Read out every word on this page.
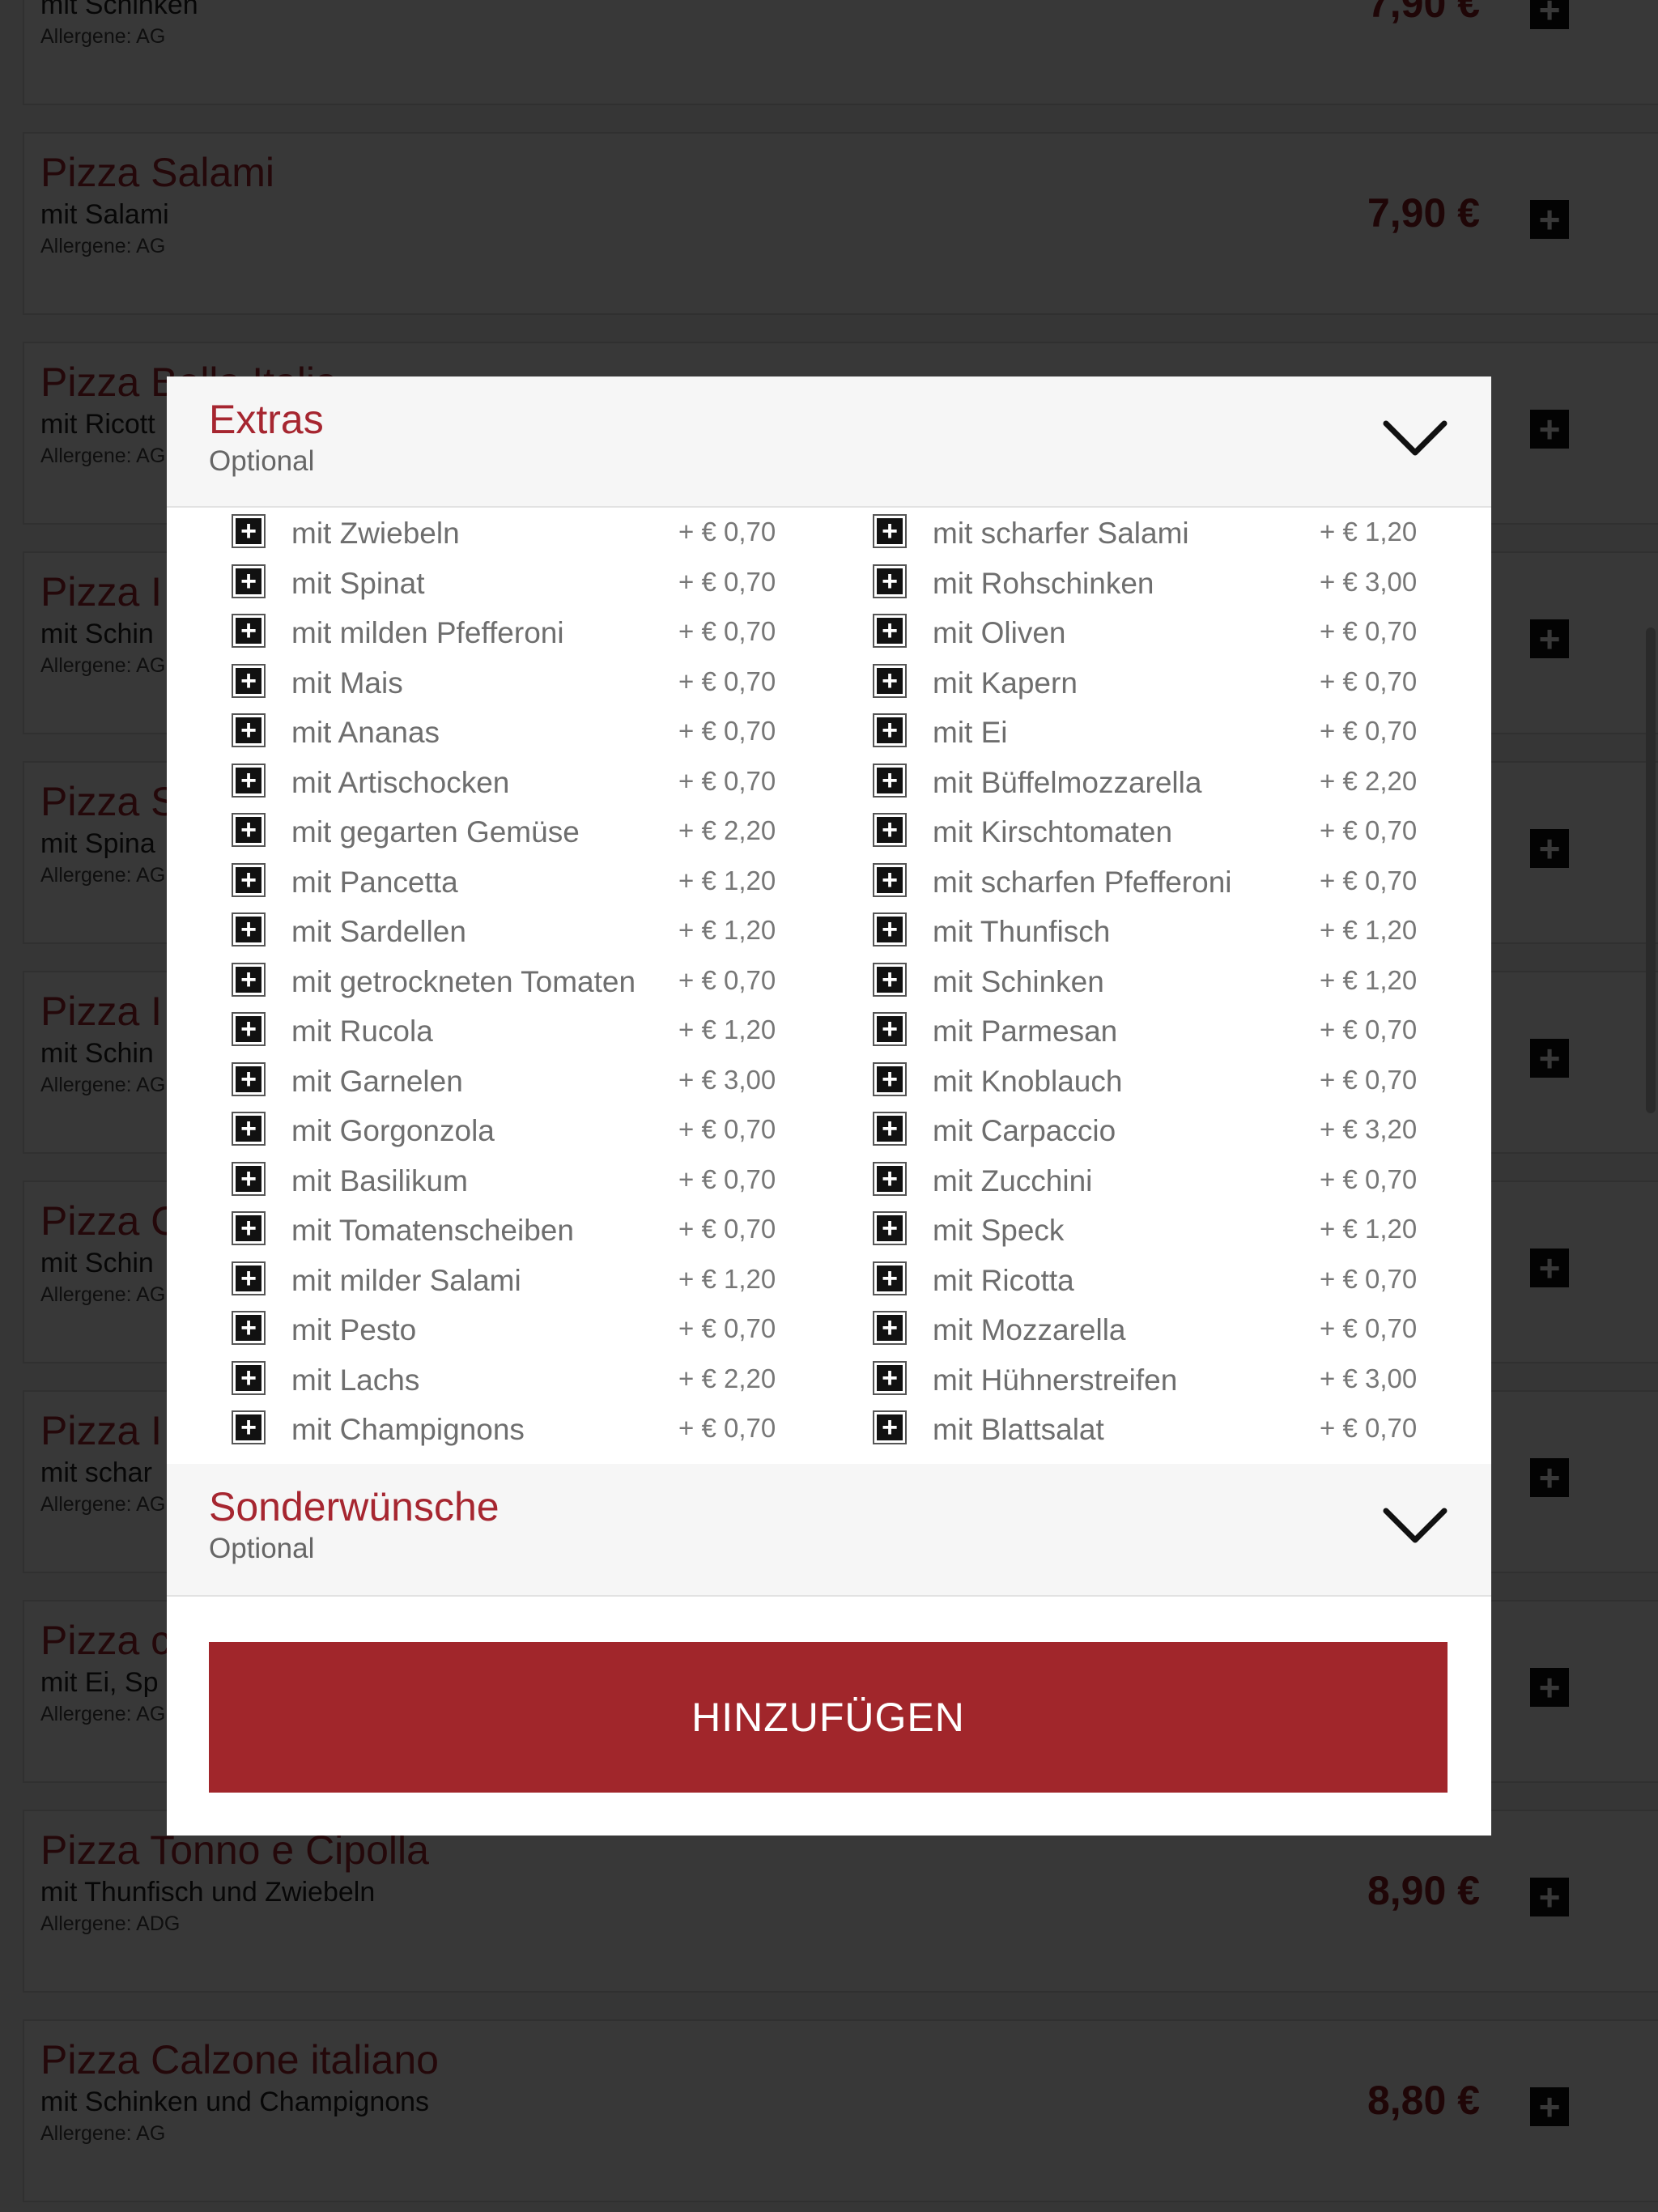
Extras
Optional
+ mit Zwiebeln	+ € 0,70
+ mit Spinat	+ € 0,70
+ mit milden Pfefferoni	+ € 0,70
+ mit Mais	+ € 0,70
+ mit Ananas	+ € 0,70
+ mit Artischocken	+ € 0,70
+ mit gegarten Gemüse	+ € 2,20
+ mit Pancetta	+ € 1,20
+ mit Sardellen	+ € 1,20
+ mit getrockneten Tomaten + € 0,70
+ mit Rucola	+ € 1,20
+ mit Garnelen	+ € 3,00
+ mit Gorgonzola	+ € 0,70
+ mit Basilikum	+ € 0,70
+ mit Tomatenscheiben	+ € 0,70
+ mit milder Salami	+ € 1,20
+ mit Pesto	+ € 0,70
+ mit Lachs	+ € 2,20
+ mit Champignons	+ € 0,70
+ mit scharfer Salami	+ € 1,20
+ mit Rohschinken	+ € 3,00
+ mit Oliven	+ € 0,70
+ mit Kapern	+ € 0,70
+ mit Ei	+ € 0,70
+ mit Büffelmozzarella	+ € 2,20
+ mit Kirschtomaten	+ € 0,70
+ mit scharfen Pfefferoni	+ € 0,70
+ mit Thunfisch	+ € 1,20
+ mit Schinken	+ € 1,20
+ mit Parmesan	+ € 0,70
+ mit Knoblauch	+ € 0,70
+ mit Carpaccio	+ € 3,20
+ mit Zucchini	+ € 0,70
+ mit Speck	+ € 1,20
+ mit Ricotta	+ € 0,70
+ mit Mozzarella	+ € 0,70
+ mit Hühnerstreifen	+ € 3,00
+ mit Blattsalat	+ € 0,70
Sonderwünsche
Optional
HINZUFÜGEN
